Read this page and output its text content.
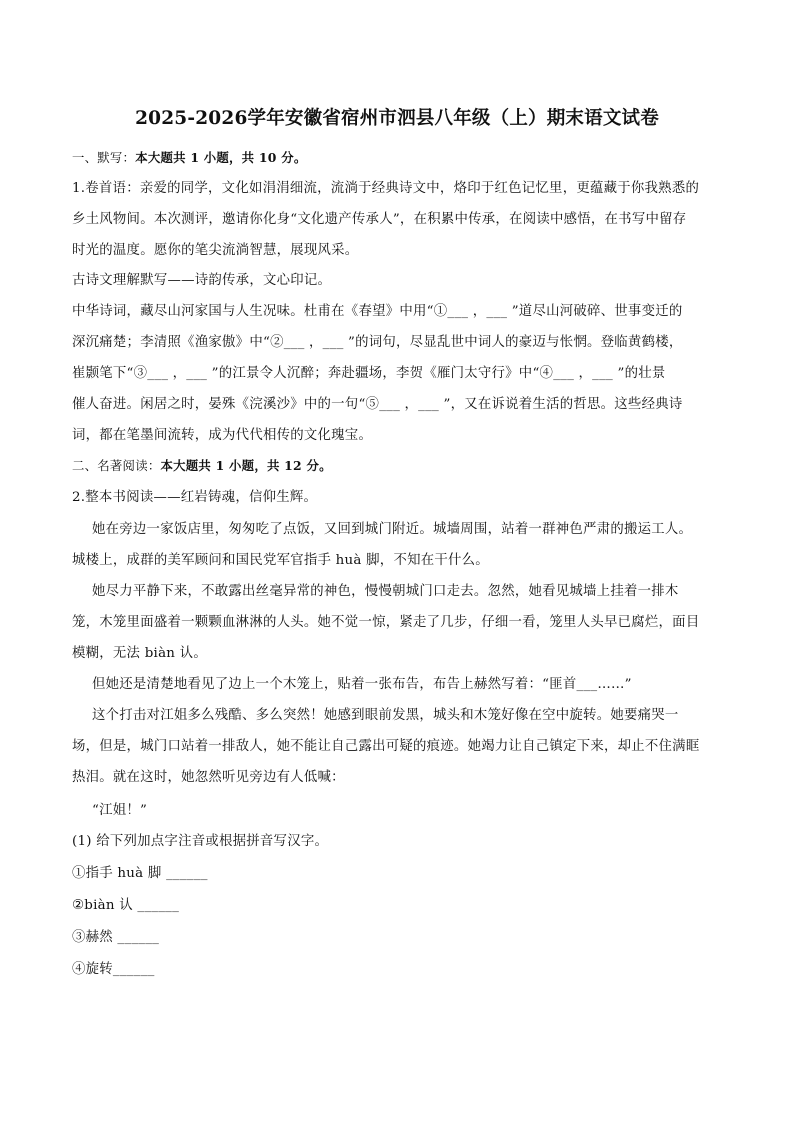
2025-2026学年安徽省宿州市泗县八年级（上）期末语文试卷
一、默写：本大题共 1 小题，共 10 分。
1.卷首语：亲爱的同学，文化如涓涓细流，流淌于经典诗文中，烙印于红色记忆里，更蕴藏于你我熟悉的
乡土风物间。本次测评，邀请你化身“文化遗产传承人”，在积累中传承，在阅读中感悟，在书写中留存
时光的温度。愿你的笔尖流淌智慧，展现风采。
古诗文理解默写——诗韵传承，文心印记。
中华诗词，藏尽山河家国与人生况味。杜甫在《春望》中用“①___ ，___ ”道尽山河破碎、世事变迁的
深沉痛楚；李清照《渔家傲》中“②___ ，___ ”的词句，尽显乱世中词人的豪迈与怅惘。登临黄鹤楼，
崔颢笔下“③___ ，___ ”的江景令人沉醉；奔赴疆场，李贺《雁门太守行》中“④___ ，___ ”的壮景
催人奋进。闲居之时，晏殊《浣溪沙》中的一句“⑤___ ，___ ”，又在诉说着生活的哲思。这些经典诗
词，都在笔墨间流转，成为代代相传的文化瑰宝。
二、名著阅读：本大题共 1 小题，共 12 分。
2.整本书阅读——红岩铸魂，信仰生辉。
她在旁边一家饭店里，匆匆吃了点饭，又回到城门附近。城墙周围，站着一群神色严肃的搬运工人。
城楼上，成群的美军顾问和国民党军官指手 huà 脚，不知在干什么。
她尽力平静下来，不敢露出丝毫异常的神色，慢慢朝城门口走去。忽然，她看见城墙上挂着一排木
笼，木笼里面盛着一颗颗血淋淋的人头。她不觉一惊，紧走了几步，仔细一看，笼里人头早已腐烂，面目
模糊，无法 biàn 认。
但她还是清楚地看见了边上一个木笼上，贴着一张布告，布告上赫然写着：“匪首___……”
这个打击对江姐多么残酷、多么突然！她感到眼前发黑，城头和木笼好像在空中旋转。她要痛哭一
场，但是，城门口站着一排敌人，她不能让自己露出可疑的痕迹。她竭力让自己镇定下来，却止不住满眶
热泪。就在这时，她忽然听见旁边有人低喊：
“江姐！”
(1) 给下列加点字注音或根据拼音写汉字。
①指手 huà 脚 ______
②biàn 认 ______
③赫然 ______
④旋转______
